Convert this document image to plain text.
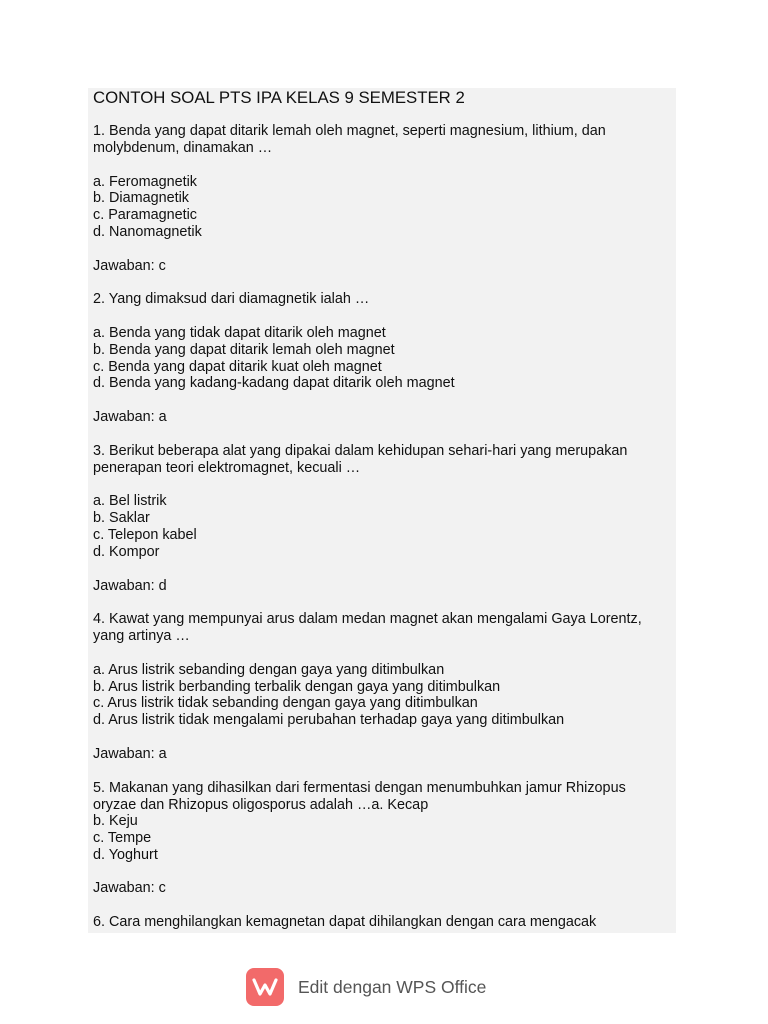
CONTOH SOAL PTS IPA KELAS 9 SEMESTER 2
1. Benda yang dapat ditarik lemah oleh magnet, seperti magnesium, lithium, dan
molybdenum, dinamakan …
a. Feromagnetik
b. Diamagnetik
c. Paramagnetic
d. Nanomagnetik
Jawaban: c
2. Yang dimaksud dari diamagnetik ialah …
a. Benda yang tidak dapat ditarik oleh magnet
b. Benda yang dapat ditarik lemah oleh magnet
c. Benda yang dapat ditarik kuat oleh magnet
d. Benda yang kadang-kadang dapat ditarik oleh magnet
Jawaban: a
3. Berikut beberapa alat yang dipakai dalam kehidupan sehari-hari yang merupakan
penerapan teori elektromagnet, kecuali …
a. Bel listrik
b. Saklar
c. Telepon kabel
d. Kompor
Jawaban: d
4. Kawat yang mempunyai arus dalam medan magnet akan mengalami Gaya Lorentz,
yang artinya …
a. Arus listrik sebanding dengan gaya yang ditimbulkan
b. Arus listrik berbanding terbalik dengan gaya yang ditimbulkan
c. Arus listrik tidak sebanding dengan gaya yang ditimbulkan
d. Arus listrik tidak mengalami perubahan terhadap gaya yang ditimbulkan
Jawaban: a
5. Makanan yang dihasilkan dari fermentasi dengan menumbuhkan jamur Rhizopus
oryzae dan Rhizopus oligosporus adalah …a. Kecap
b. Keju
c. Tempe
d. Yoghurt
Jawaban: c
6. Cara menghilangkan kemagnetan dapat dihilangkan dengan cara mengacak
Edit dengan WPS Office
